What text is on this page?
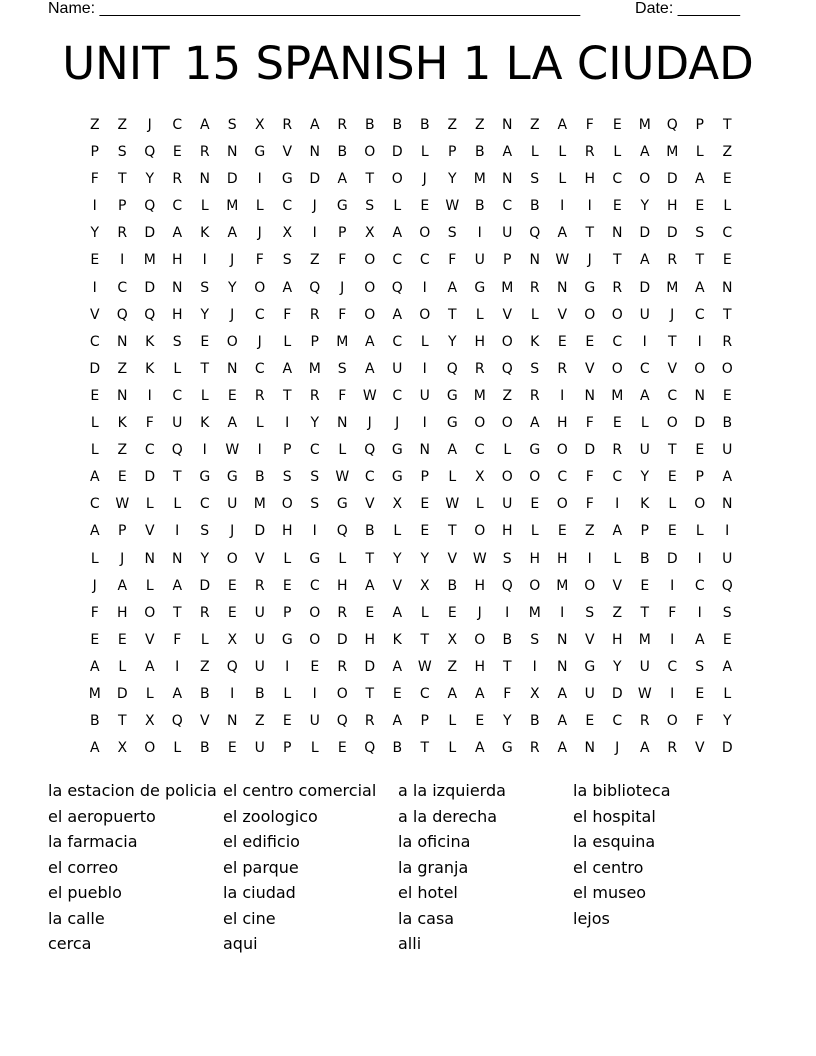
Name: ______________________________________________________	Date: _______
UNIT 15 SPANISH 1 LA CIUDAD
Z	Z	J	C	A	S	X	R	A	R	B	B	B	Z	Z	N	Z	A	F	E	M	Q	P	T
P	S	Q	E	R	N	G	V	N	B	O	D	L	P	B	A	L	L	R	L	A	M	L	Z
F	T	Y	R	N	D	I	G	D	A	T	O	J	Y	M	N	S	L	H	C	O	D	A	E
I	P	Q	C	L	M	L	C	J	G	S	L	E	W	B	C	B	I	I	E	Y	H	E	L
Y	R	D	A	K	A	J	X	I	P	X	A	O	S	I	U	Q	A	T	N	D	D	S	C
E	I	M	H	I	J	F	S	Z	F	O	C	C	F	U	P	N	W	J	T	A	R	T	E
I	C	D	N	S	Y	O	A	Q	J	O	Q	I	A	G	M	R	N	G	R	D	M	A	N
V	Q	Q	H	Y	J	C	F	R	F	O	A	O	T	L	V	L	V	O	O	U	J	C	T
C	N	K	S	E	O	J	L	P	M	A	C	L	Y	H	O	K	E	E	C	I	T	I	R
D	Z	K	L	T	N	C	A	M	S	A	U	I	Q	R	Q	S	R	V	O	C	V	O	O
E	N	I	C	L	E	R	T	R	F	W	C	U	G	M	Z	R	I	N	M	A	C	N	E
L	K	F	U	K	A	L	I	Y	N	J	J	I	G	O	O	A	H	F	E	L	O	D	B
L	Z	C	Q	I	W	I	P	C	L	Q	G	N	A	C	L	G	O	D	R	U	T	E	U
A	E	D	T	G	G	B	S	S	W	C	G	P	L	X	O	O	C	F	C	Y	E	P	A
C	W	L	L	C	U	M	O	S	G	V	X	E	W	L	U	E	O	F	I	K	L	O	N
A	P	V	I	S	J	D	H	I	Q	B	L	E	T	O	H	L	E	Z	A	P	E	L	I
L	J	N	N	Y	O	V	L	G	L	T	Y	Y	V	W	S	H	H	I	L	B	D	I	U
J	A	L	A	D	E	R	E	C	H	A	V	X	B	H	Q	O	M	O	V	E	I	C	Q
F	H	O	T	R	E	U	P	O	R	E	A	L	E	J	I	M	I	S	Z	T	F	I	S
E	E	V	F	L	X	U	G	O	D	H	K	T	X	O	B	S	N	V	H	M	I	A	E
A	L	A	I	Z	Q	U	I	E	R	D	A	W	Z	H	T	I	N	G	Y	U	C	S	A
M	D	L	A	B	I	B	L	I	O	T	E	C	A	A	F	X	A	U	D	W	I	E	L
B	T	X	Q	V	N	Z	E	U	Q	R	A	P	L	E	Y	B	A	E	C	R	O	F	Y
A	X	O	L	B	E	U	P	L	E	Q	B	T	L	A	G	R	A	N	J	A	R	V	D
la estacion de policia
el aeropuerto
la farmacia
el correo
el pueblo
la calle
cerca
el centro comercial
el zoologico
el edificio
el parque
la ciudad
el cine
aqui
a la izquierda
a la derecha
la oficina
la granja
el hotel
la casa
alli
la biblioteca
el hospital
la esquina
el centro
el museo
lejos
